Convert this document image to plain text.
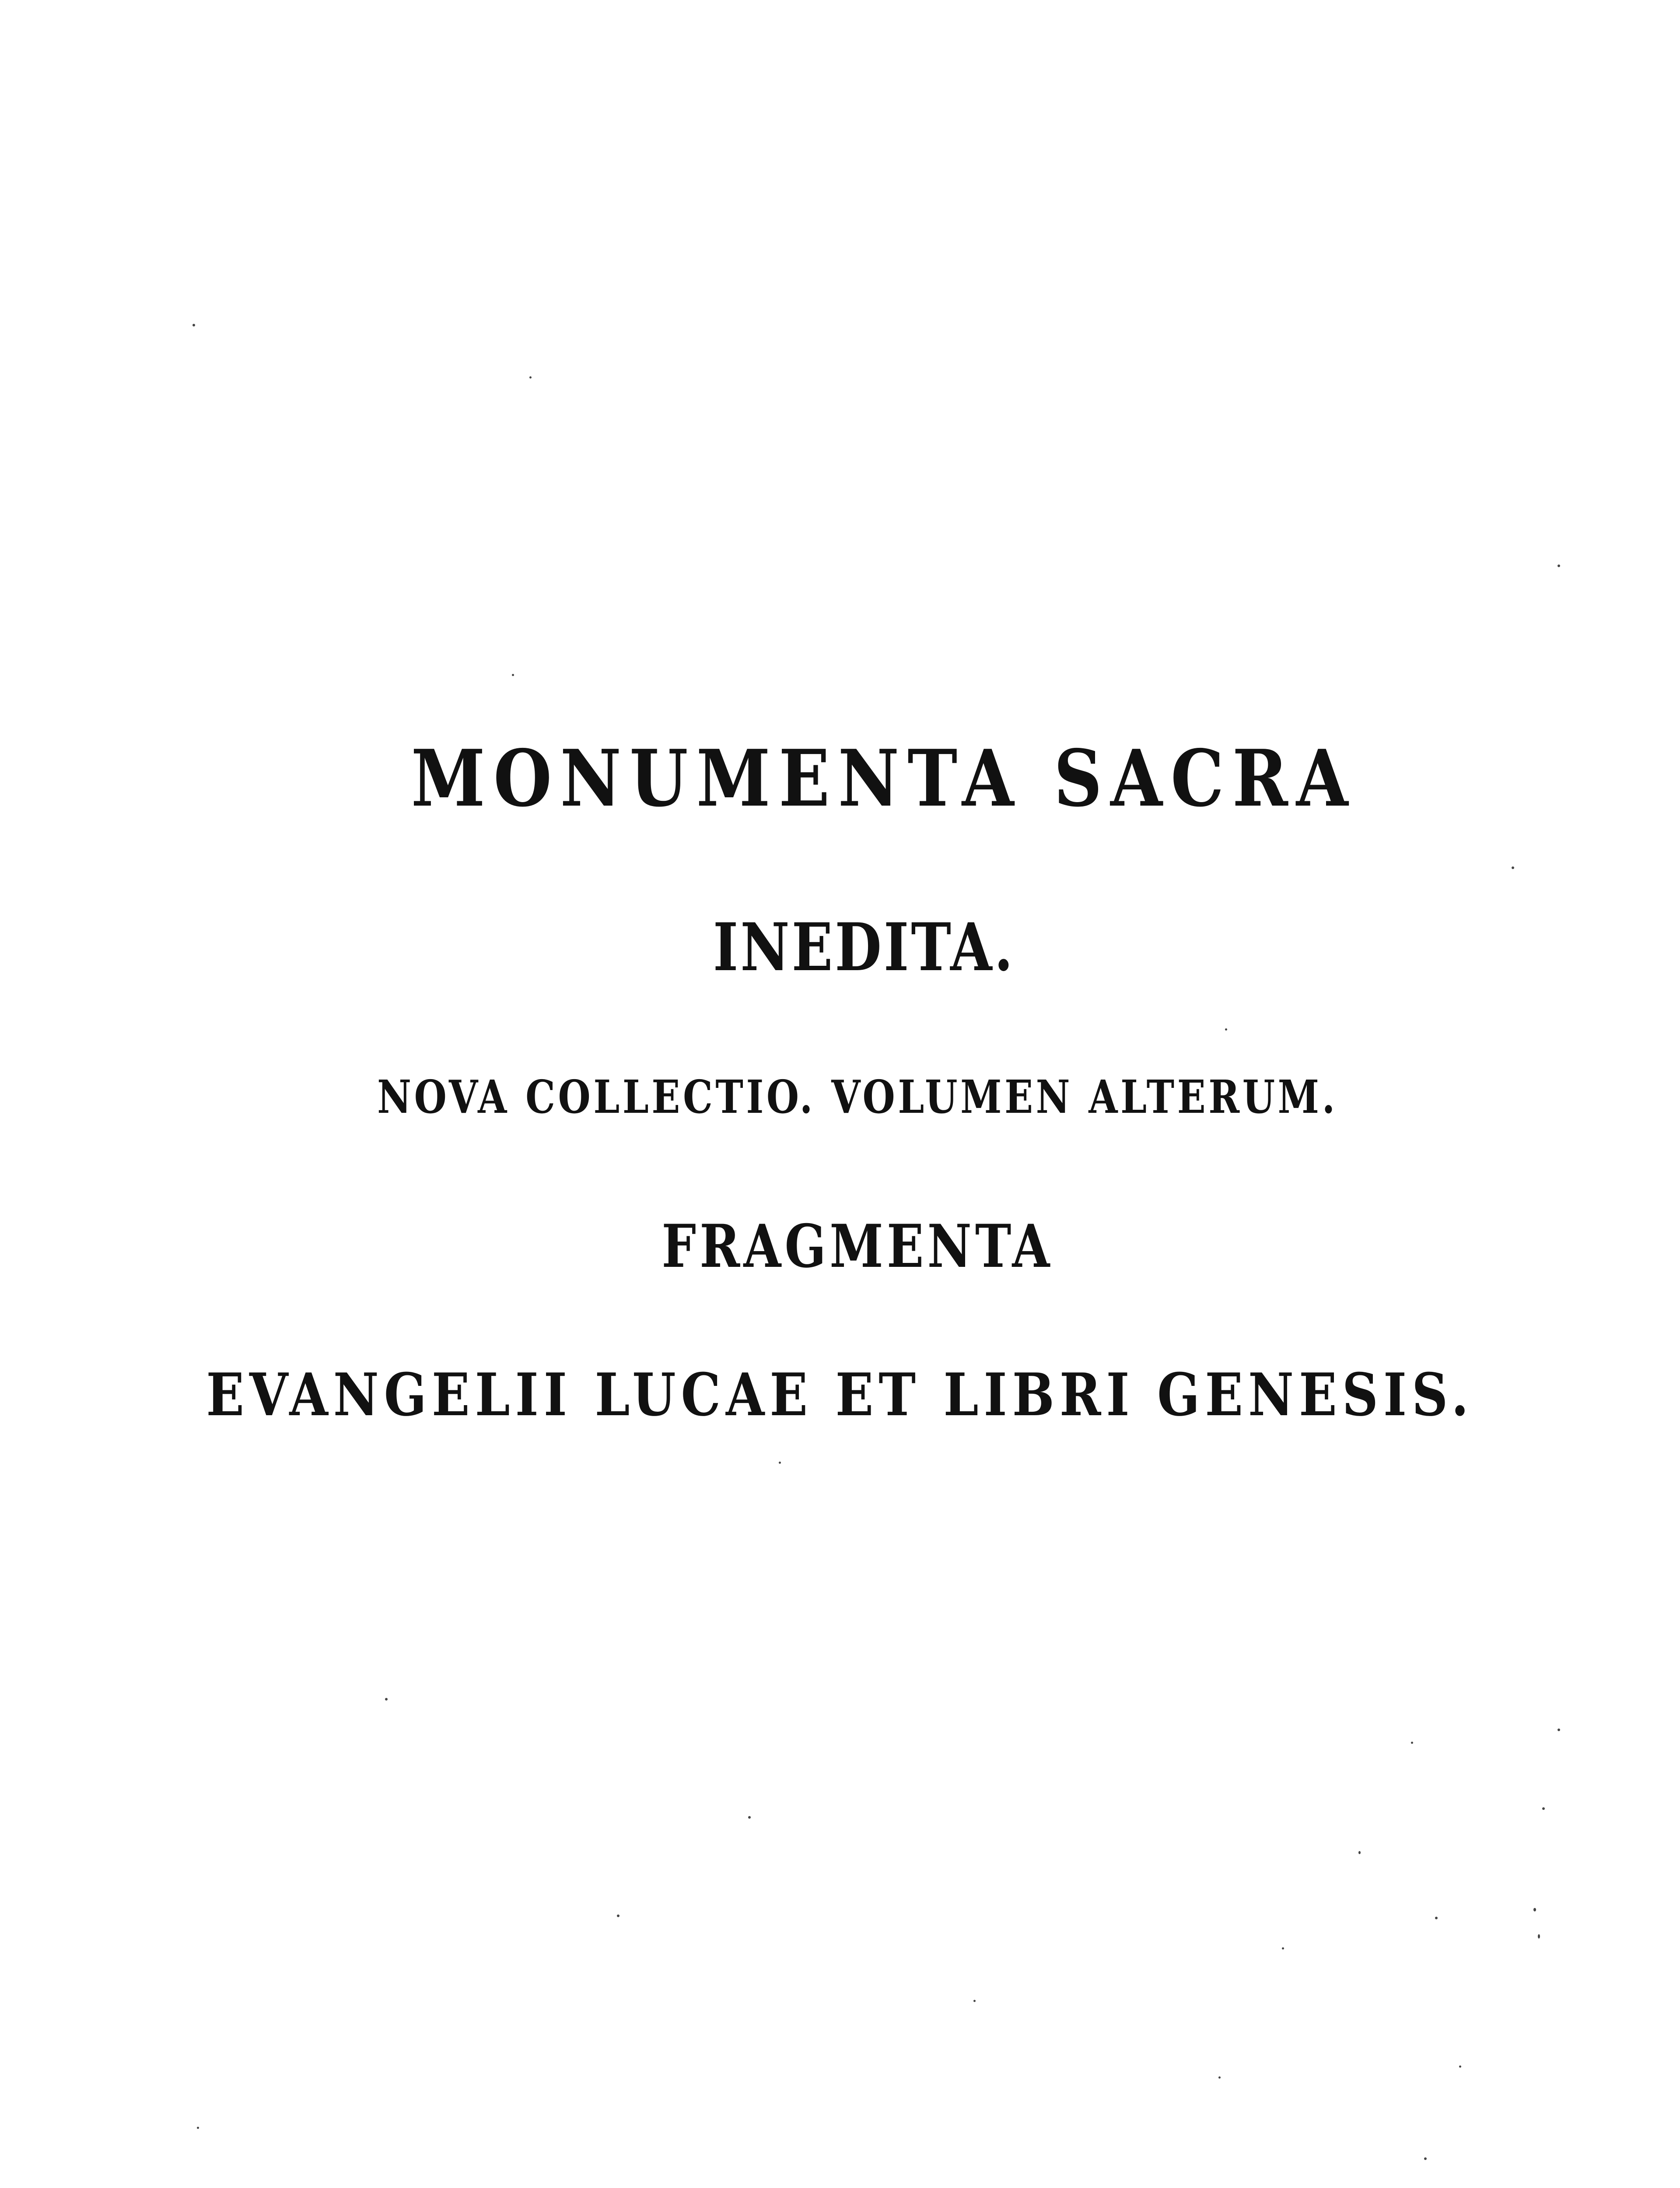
MONUMENTA SACRA
INEDITA.
NOVA COLLECTIO. VOLUMEN ALTERUM.
FRAGMENTA
EVANGELII LUCAE ET LIBRI GENESIS.
